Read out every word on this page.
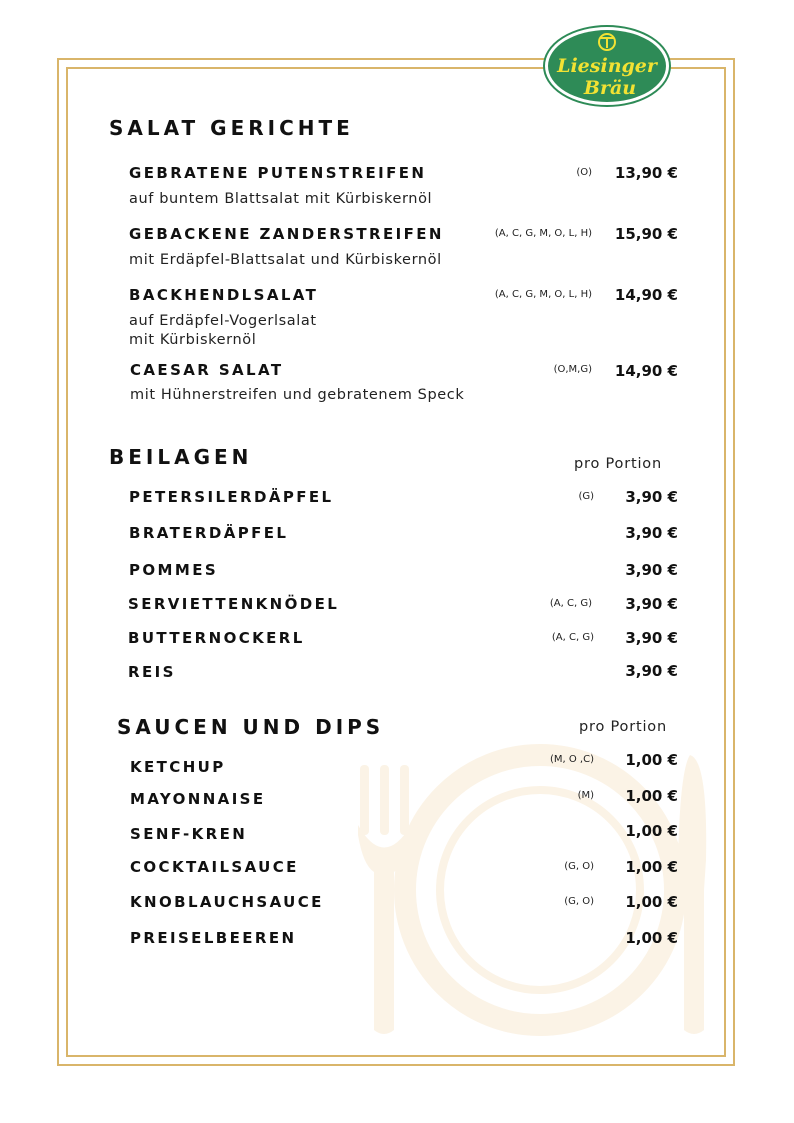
Liesinger
Bräu
SALAT GERICHTE
GEBRATENE PUTENSTREIFEN	(O)	13,90 €
auf buntem Blattsalat mit Kürbiskernöl
GEBACKENE ZANDERSTREIFEN	(A, C, G, M, O, L, H)	15,90 €
mit Erdäpfel-Blattsalat und Kürbiskernöl
BACKHENDLSALAT	(A, C, G, M, O, L, H)	14,90 €
auf Erdäpfel-Vogerlsalat
mit Kürbiskernöl
CAESAR SALAT	(O,M,G)	14,90 €
mit Hühnerstreifen und gebratenem Speck
BEILAGEN	pro Portion
PETERSILERDÄPFEL	(G)	3,90 €
BRATERDÄPFEL	3,90 €
POMMES	3,90 €
SERVIETTENKNÖDEL	(A, C, G)	3,90 €
BUTTERNOCKERL	(A, C, G)	3,90 €
REIS	3,90 €
SAUCEN UND DIPS	pro Portion
KETCHUP	(M, O ,C)	1,00 €
MAYONNAISE	(M)	1,00 €
SENF-KREN	1,00 €
COCKTAILSAUCE	(G, O)	1,00 €
KNOBLAUCHSAUCE	(G, O)	1,00 €
PREISELBEEREN	1,00 €
